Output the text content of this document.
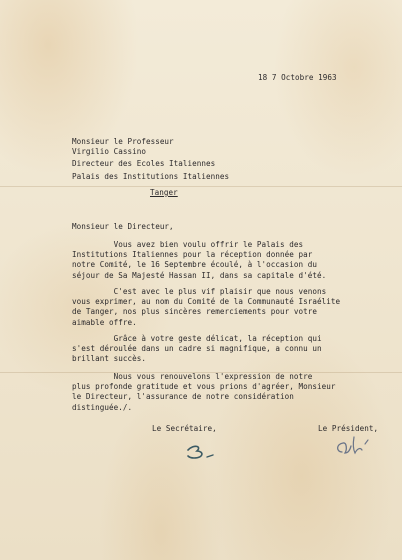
18 7 Octobre 1963
Monsieur le Professeur
Virgilio Cassino
Directeur des Ecoles Italiennes
Palais des Institutions Italiennes
Tanger
Monsieur le Directeur,
Vous avez bien voulu offrir le Palais des
Institutions Italiennes pour la réception donnée par
notre Comité, le 16 Septembre écoulé, à l'occasion du
séjour de Sa Majesté Hassan II, dans sa capitale d'été.
C'est avec le plus vif plaisir que nous venons
vous exprimer, au nom du Comité de la Communauté Israélite
de Tanger, nos plus sincères remerciements pour votre
aimable offre.
Grâce à votre geste délicat, la réception qui
s'est déroulée dans un cadre si magnifique, a connu un
brillant succès.
Nous vous renouvelons l'expression de notre
plus profonde gratitude et vous prions d'agréer, Monsieur
le Directeur, l'assurance de notre considération
distinguée./.
Le Secrétaire,	Le Président,
